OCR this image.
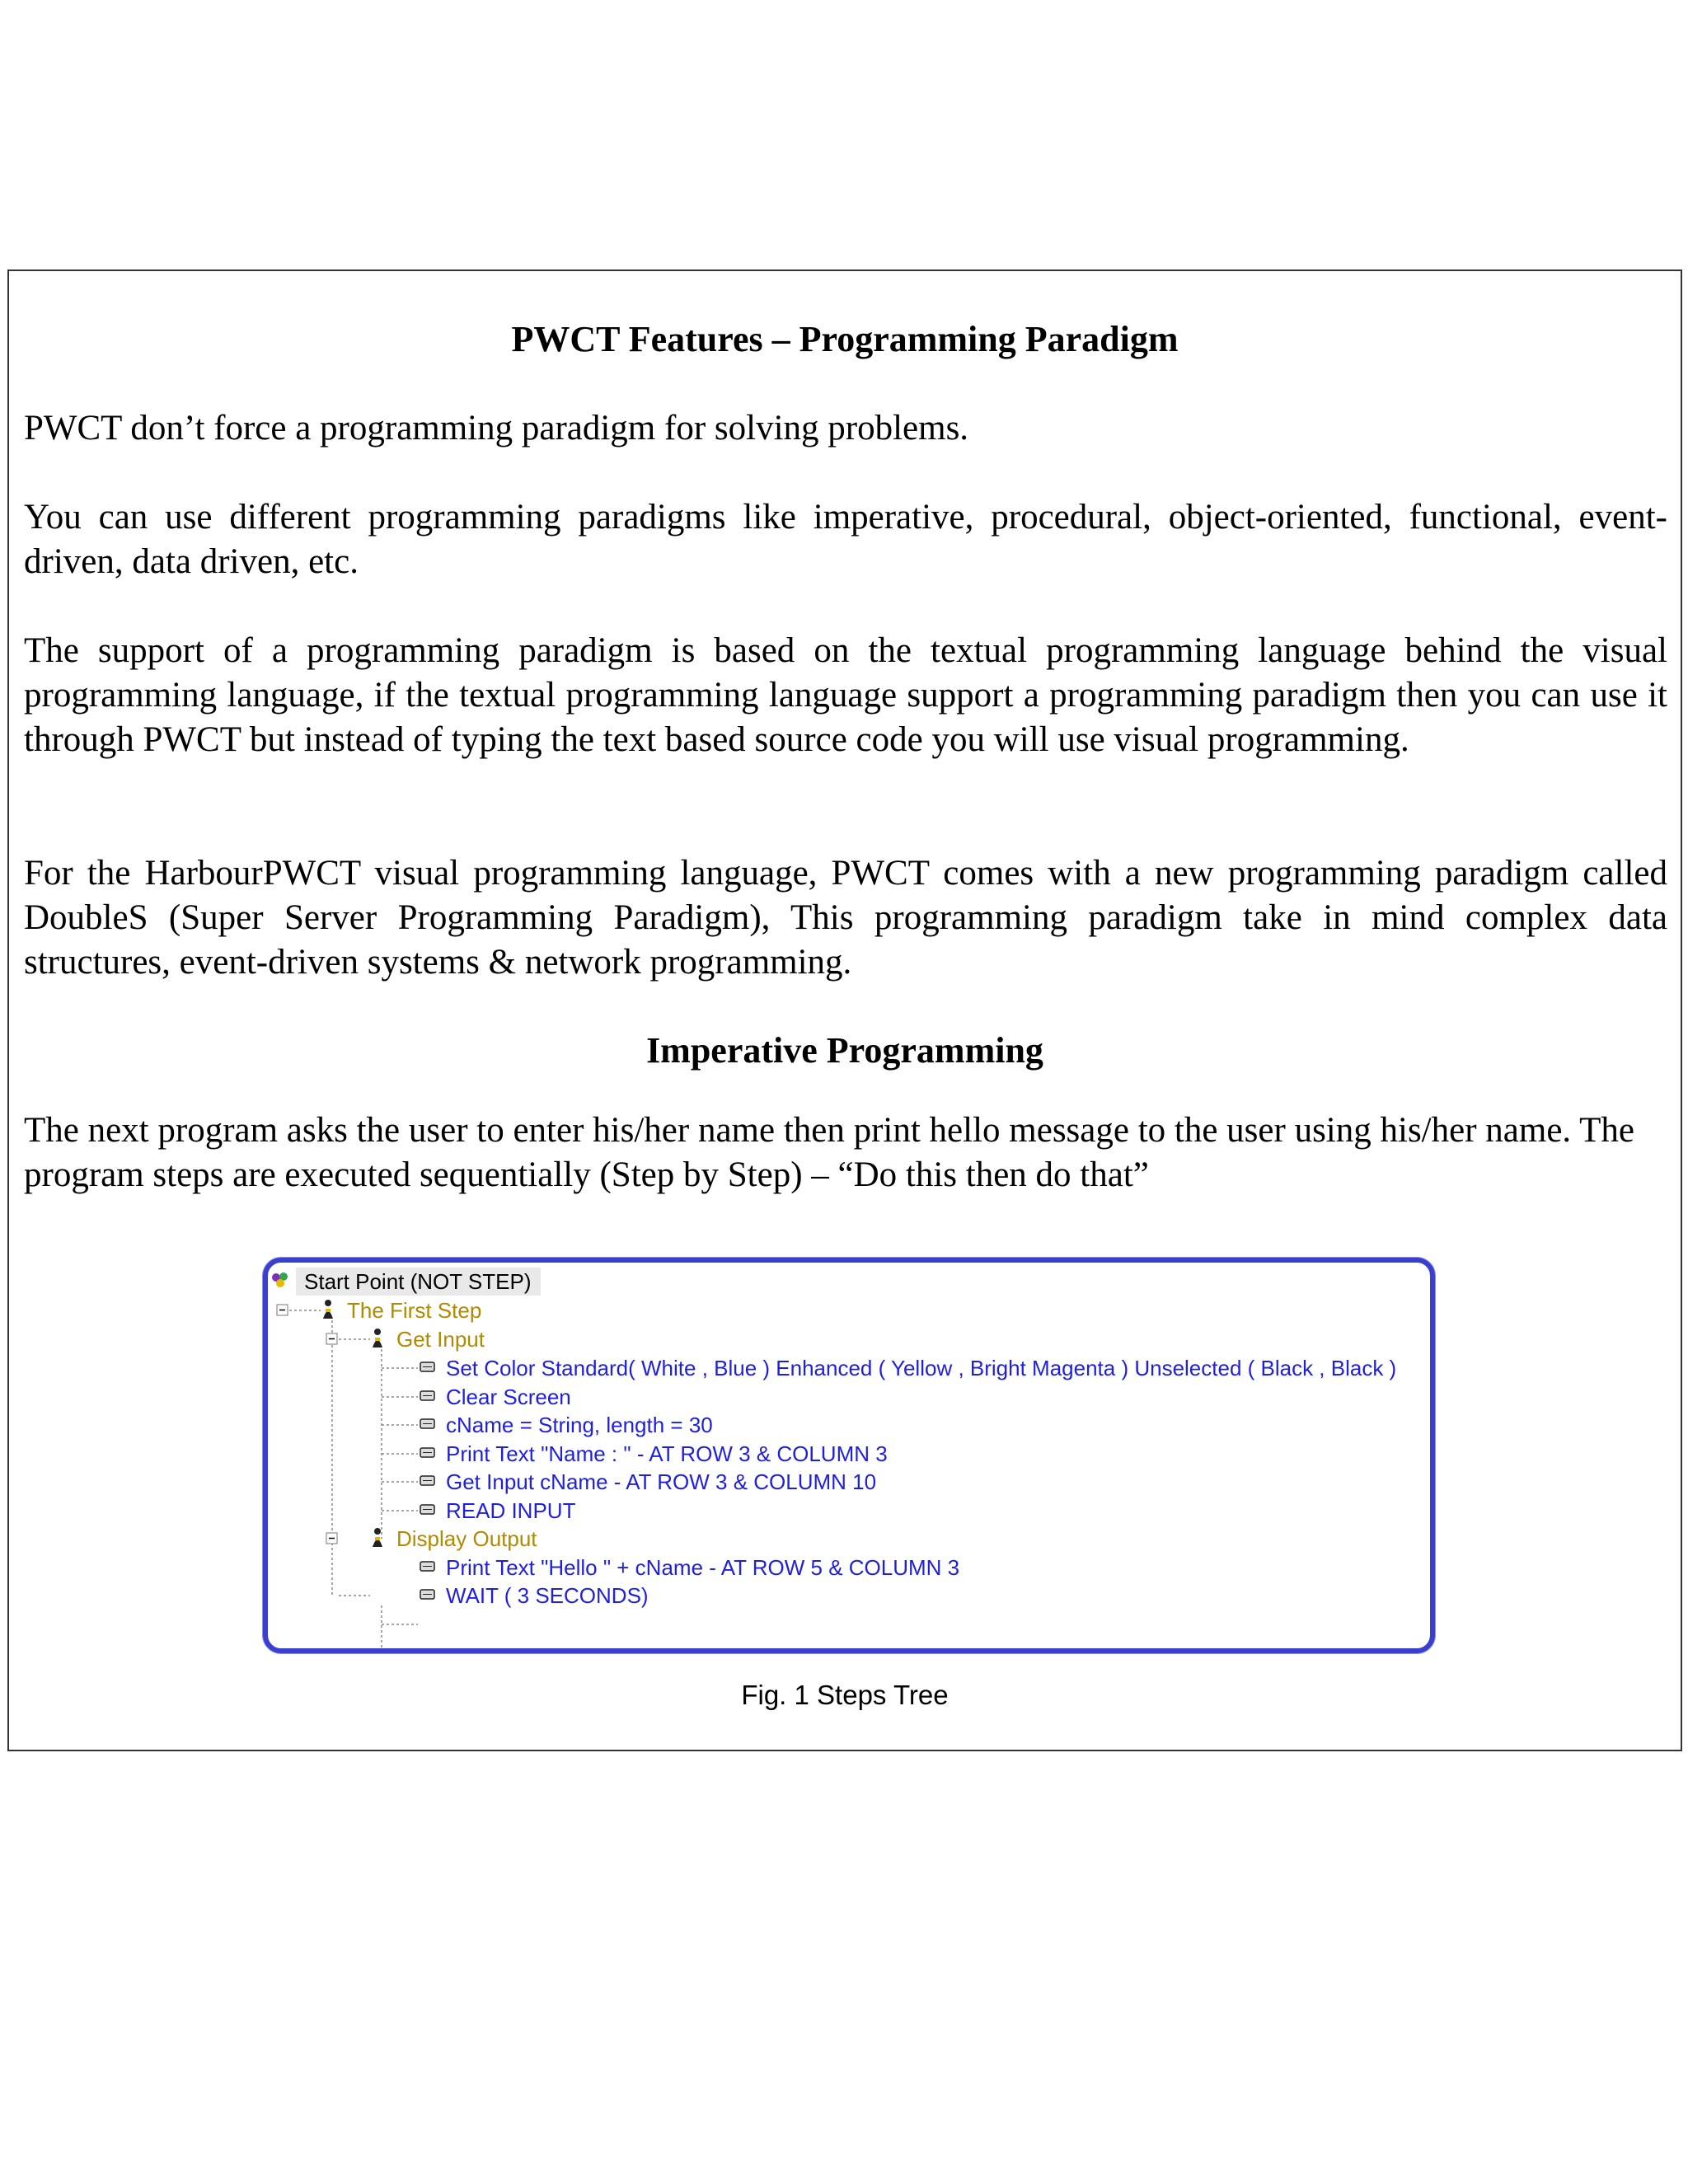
PWCT Features – Programming Paradigm
PWCT don’t force a programming paradigm for solving problems.
You can use different programming paradigms like imperative, procedural, object-oriented, functional, event-driven, data driven, etc.
The support of a programming paradigm is based on the textual programming language behind the visual programming language, if the textual programming language support a programming paradigm then you can use it through PWCT but instead of typing the text based source code you will use visual programming.
For the HarbourPWCT visual programming language, PWCT comes with a new programming paradigm called DoubleS (Super Server Programming Paradigm), This programming paradigm take in mind complex data structures, event-driven systems & network programming.
Imperative Programming
The next program asks the user to enter his/her name then print hello message to the user using his/her name. The program steps are executed sequentially (Step by Step) – “Do this then do that”
Start Point (NOT STEP)
The First Step
Get Input
Set Color Standard( White , Blue ) Enhanced ( Yellow , Bright Magenta ) Unselected ( Black , Black )
Clear Screen
cName = String, length = 30
Print Text "Name : " - AT ROW 3 & COLUMN 3
Get Input cName - AT ROW 3 & COLUMN 10
READ INPUT
Display Output
Print Text "Hello " + cName - AT ROW 5 & COLUMN 3
WAIT ( 3 SECONDS)
Fig. 1 Steps Tree
